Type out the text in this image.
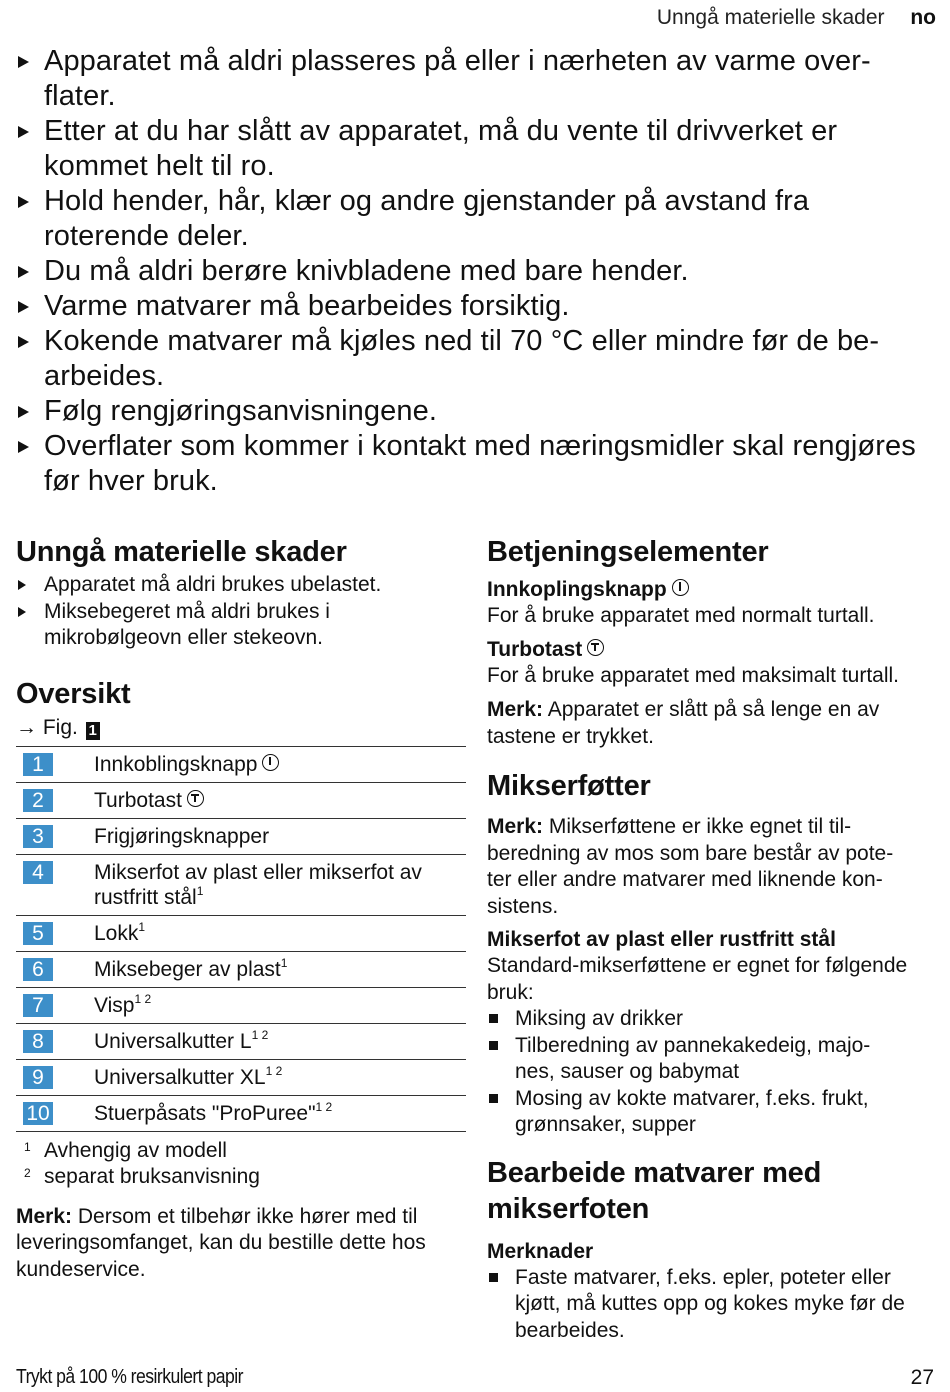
Unngå materielle skader no
Apparatet må aldri plasseres på eller i nærheten av varme over-
flater.
Etter at du har slått av apparatet, må du vente til drivverket er kommet helt til ro.
Hold hender, hår, klær og andre gjenstander på avstand fra roterende deler.
Du må aldri berøre knivbladene med bare hender.
Varme matvarer må bearbeides forsiktig.
Kokende matvarer må kjøles ned til 70 °C eller mindre før de be-
arbeides.
Følg rengjøringsanvisningene.
Overflater som kommer i kontakt med næringsmidler skal rengjøres før hver bruk.
Unngå materielle skader
Apparatet må aldri brukes ubelastet.
Miksebegeret må aldri brukes i mikrobølgeovn eller stekeovn.
Oversikt
→ Fig. 1
1	Innkoblingsknapp
2	Turbotast
3	Frigjøringsknapper
4	Mikserfot av plast eller mikserfot av rustfritt stål$^1$
5	Lokk$^1$
6	Miksebeger av plast$^1$
7	Visp$^{1 2}$
8	Universalkutter $L^{1 2}$
9	Universalkutter $XL^{1 2}$
10	Stuerpåsats "ProPuree"$^{1 2}$
1 Avhengig av modell
2 separat bruksanvisning

Merk: Dersom et tilbehør ikke hører med til leveringsomfanget, kan du bestille dette hos kundeservice.

Betjeningselementer
Innkoplingsknapp

For å bruke apparatet med normalt turtall.

Turbotast

For å bruke apparatet med maksimalt turtall.

Merk: Apparatet er slått på så lenge en av tastene er trykket.

Mikserføtter

Merk: Mikserføttene er ikke egnet til til-
beredning av mos som bare består av pote-
ter eller andre matvarer med liknende kon-
sistens.

Mikserfot av plast eller rustfritt stål

Standard-mikserføttene er egnet for følgende bruk:

Miksing av drikker
Tilberedning av pannekakedeig, majo-
nes, sauser og babymat
Mosing av kokte matvarer, f.eks. frukt, grønnsaker, supper
Bearbeide matvarer med mikserfoten
Merknader
Faste matvarer, f.eks. epler, poteter eller kjøtt, må kuttes opp og kokes myke før de bearbeides.
Trykt på 100 % resirkulert papir	27
